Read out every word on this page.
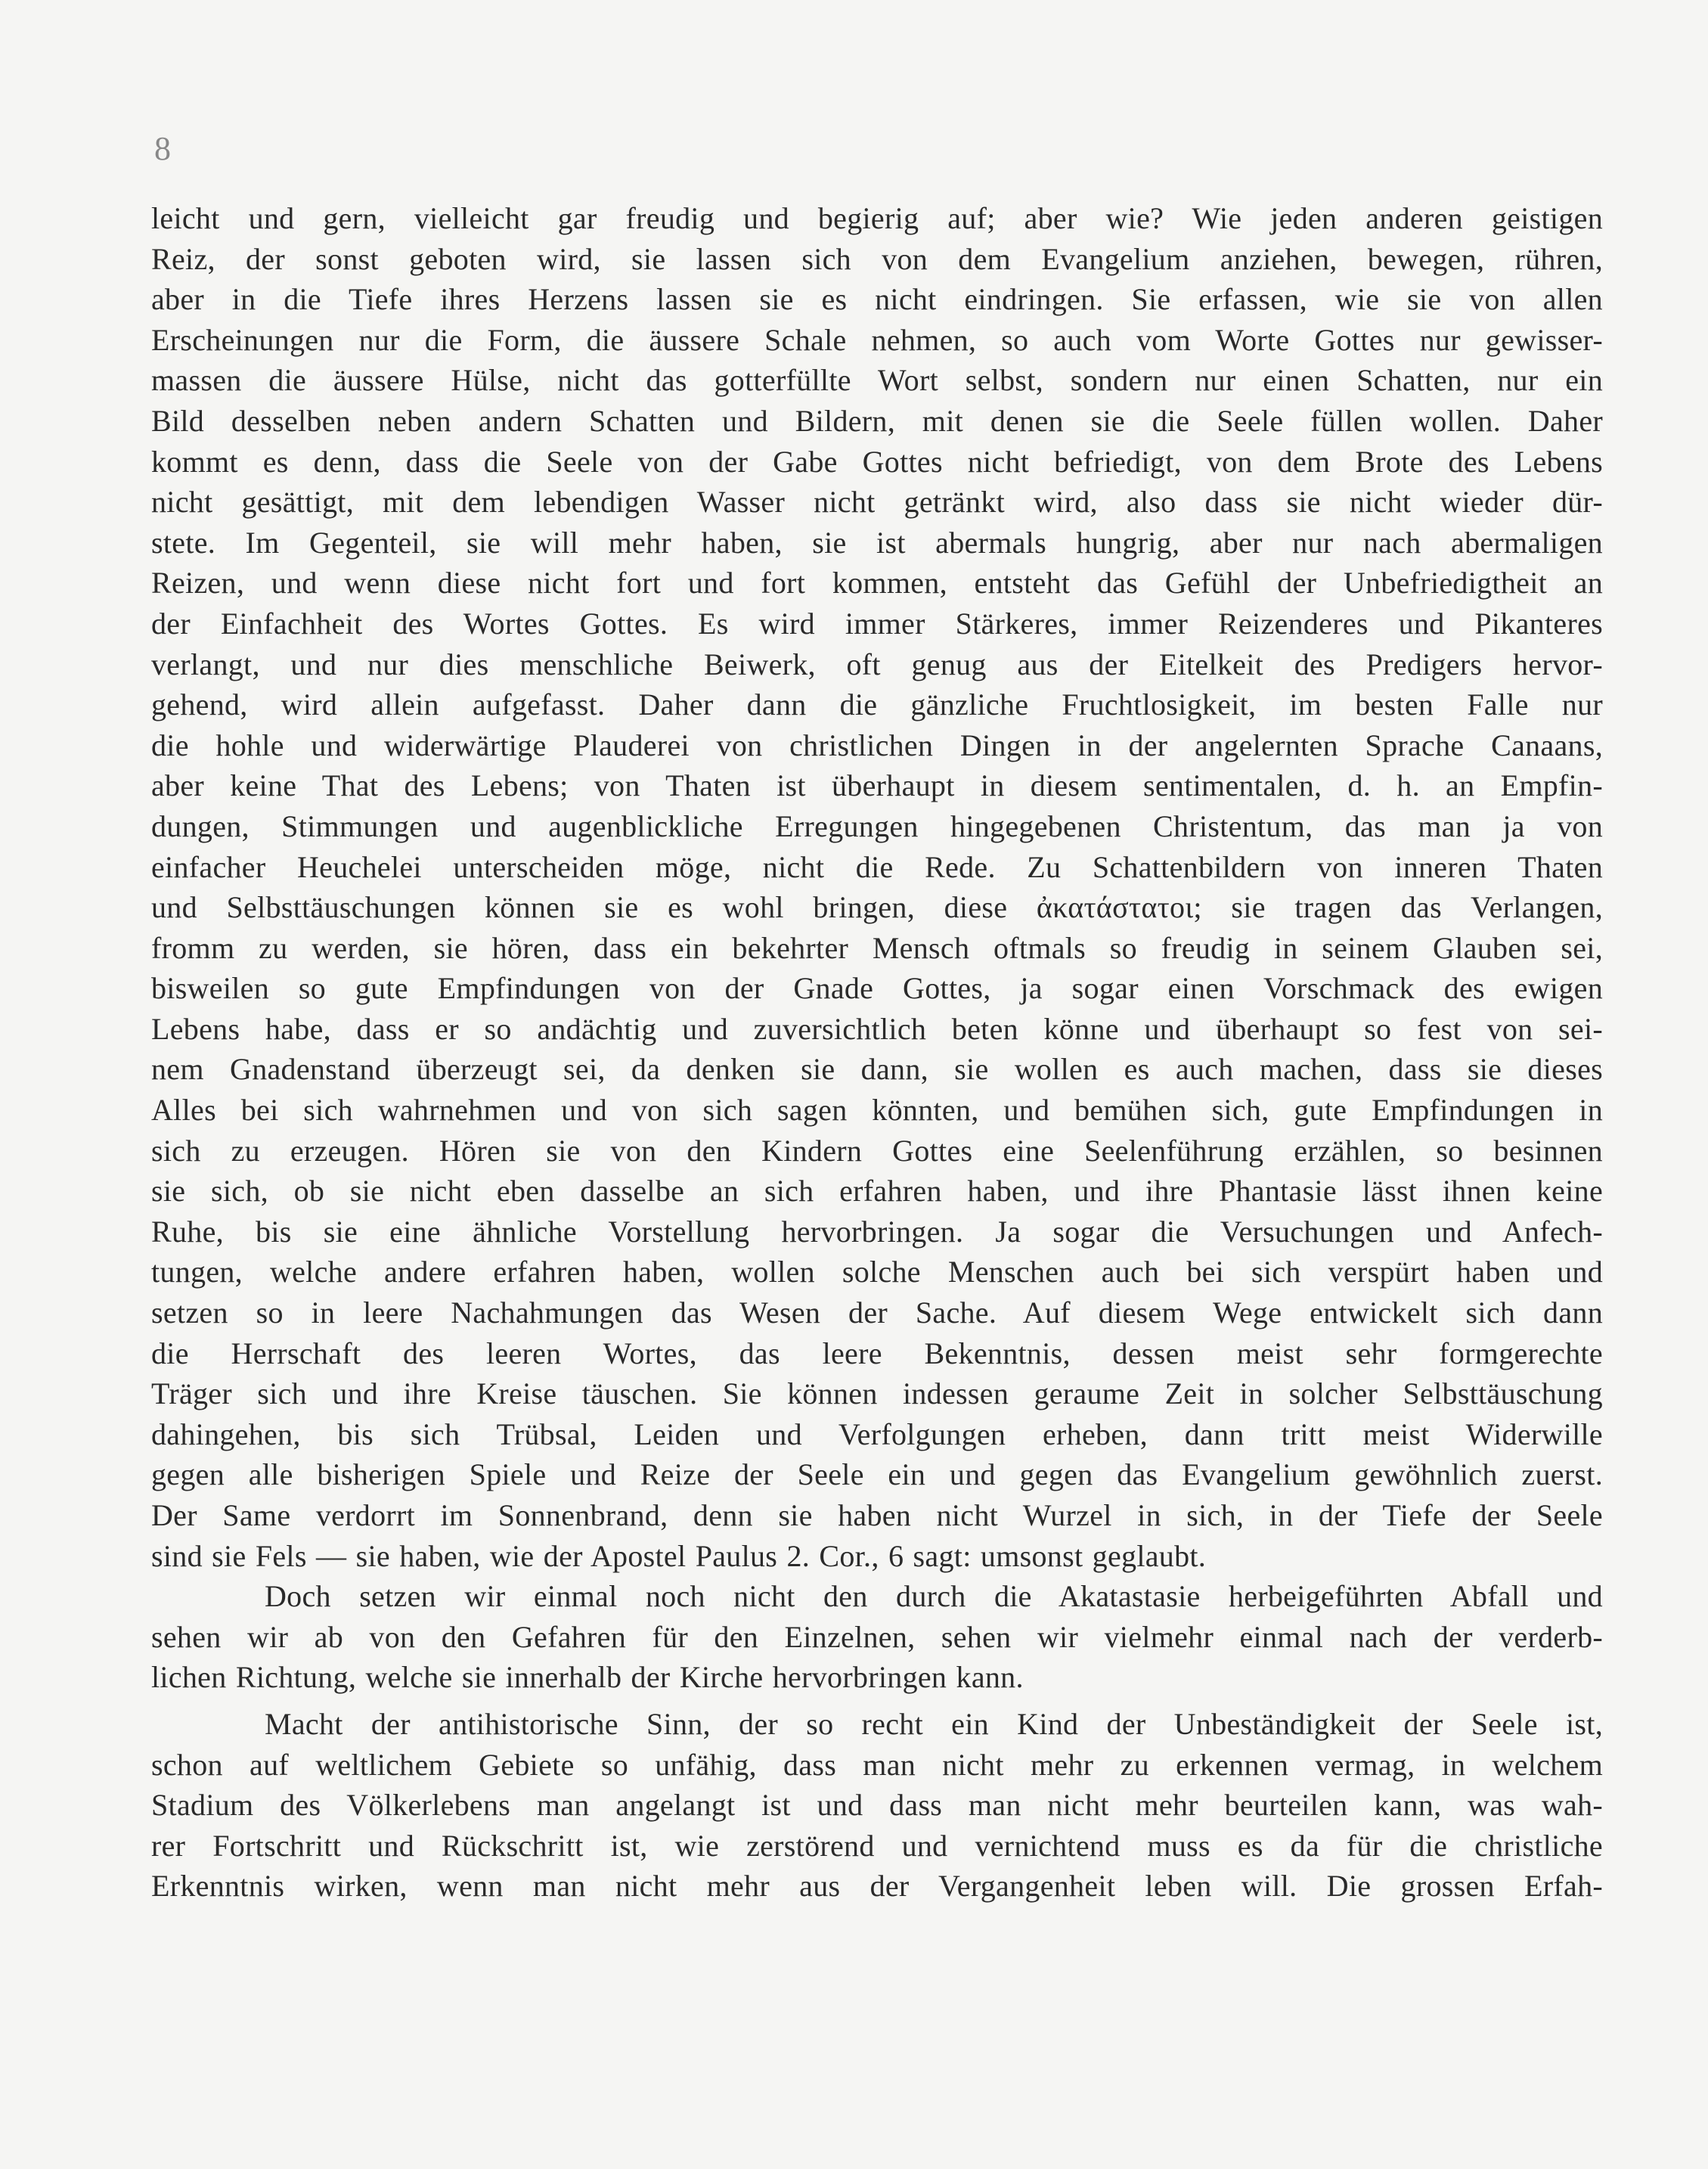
8
leicht und gern, vielleicht gar freudig und begierig auf; aber wie? Wie jeden anderen geistigen
Reiz, der sonst geboten wird, sie lassen sich von dem Evangelium anziehen, bewegen, rühren,
aber in die Tiefe ihres Herzens lassen sie es nicht eindringen. Sie erfassen, wie sie von allen
Erscheinungen nur die Form, die äussere Schale nehmen, so auch vom Worte Gottes nur gewisser-
massen die äussere Hülse, nicht das gotterfüllte Wort selbst, sondern nur einen Schatten, nur ein
Bild desselben neben andern Schatten und Bildern, mit denen sie die Seele füllen wollen. Daher
kommt es denn, dass die Seele von der Gabe Gottes nicht befriedigt, von dem Brote des Lebens
nicht gesättigt, mit dem lebendigen Wasser nicht getränkt wird, also dass sie nicht wieder dür-
stete. Im Gegenteil, sie will mehr haben, sie ist abermals hungrig, aber nur nach abermaligen
Reizen, und wenn diese nicht fort und fort kommen, entsteht das Gefühl der Unbefriedigtheit an
der Einfachheit des Wortes Gottes. Es wird immer Stärkeres, immer Reizenderes und Pikanteres
verlangt, und nur dies menschliche Beiwerk, oft genug aus der Eitelkeit des Predigers hervor-
gehend, wird allein aufgefasst. Daher dann die gänzliche Fruchtlosigkeit, im besten Falle nur
die hohle und widerwärtige Plauderei von christlichen Dingen in der angelernten Sprache Canaans,
aber keine That des Lebens; von Thaten ist überhaupt in diesem sentimentalen, d. h. an Empfin-
dungen, Stimmungen und augenblickliche Erregungen hingegebenen Christentum, das man ja von
einfacher Heuchelei unterscheiden möge, nicht die Rede. Zu Schattenbildern von inneren Thaten
und Selbsttäuschungen können sie es wohl bringen, diese ἀκατάστατοι; sie tragen das Verlangen,
fromm zu werden, sie hören, dass ein bekehrter Mensch oftmals so freudig in seinem Glauben sei,
bisweilen so gute Empfindungen von der Gnade Gottes, ja sogar einen Vorschmack des ewigen
Lebens habe, dass er so andächtig und zuversichtlich beten könne und überhaupt so fest von sei-
nem Gnadenstand überzeugt sei, da denken sie dann, sie wollen es auch machen, dass sie dieses
Alles bei sich wahrnehmen und von sich sagen könnten, und bemühen sich, gute Empfindungen in
sich zu erzeugen. Hören sie von den Kindern Gottes eine Seelenführung erzählen, so besinnen
sie sich, ob sie nicht eben dasselbe an sich erfahren haben, und ihre Phantasie lässt ihnen keine
Ruhe, bis sie eine ähnliche Vorstellung hervorbringen. Ja sogar die Versuchungen und Anfech-
tungen, welche andere erfahren haben, wollen solche Menschen auch bei sich verspürt haben und
setzen so in leere Nachahmungen das Wesen der Sache. Auf diesem Wege entwickelt sich dann
die Herrschaft des leeren Wortes, das leere Bekenntnis, dessen meist sehr formgerechte
Träger sich und ihre Kreise täuschen. Sie können indessen geraume Zeit in solcher Selbsttäuschung
dahingehen, bis sich Trübsal, Leiden und Verfolgungen erheben, dann tritt meist Widerwille
gegen alle bisherigen Spiele und Reize der Seele ein und gegen das Evangelium gewöhnlich zuerst.
Der Same verdorrt im Sonnenbrand, denn sie haben nicht Wurzel in sich, in der Tiefe der Seele
sind sie Fels — sie haben, wie der Apostel Paulus 2. Cor., 6 sagt: umsonst geglaubt.
Doch setzen wir einmal noch nicht den durch die Akatastasie herbeigeführten Abfall und
sehen wir ab von den Gefahren für den Einzelnen, sehen wir vielmehr einmal nach der verderb-
lichen Richtung, welche sie innerhalb der Kirche hervorbringen kann.
Macht der antihistorische Sinn, der so recht ein Kind der Unbeständigkeit der Seele ist,
schon auf weltlichem Gebiete so unfähig, dass man nicht mehr zu erkennen vermag, in welchem
Stadium des Völkerlebens man angelangt ist und dass man nicht mehr beurteilen kann, was wah-
rer Fortschritt und Rückschritt ist, wie zerstörend und vernichtend muss es da für die christliche
Erkenntnis wirken, wenn man nicht mehr aus der Vergangenheit leben will. Die grossen Erfah-
